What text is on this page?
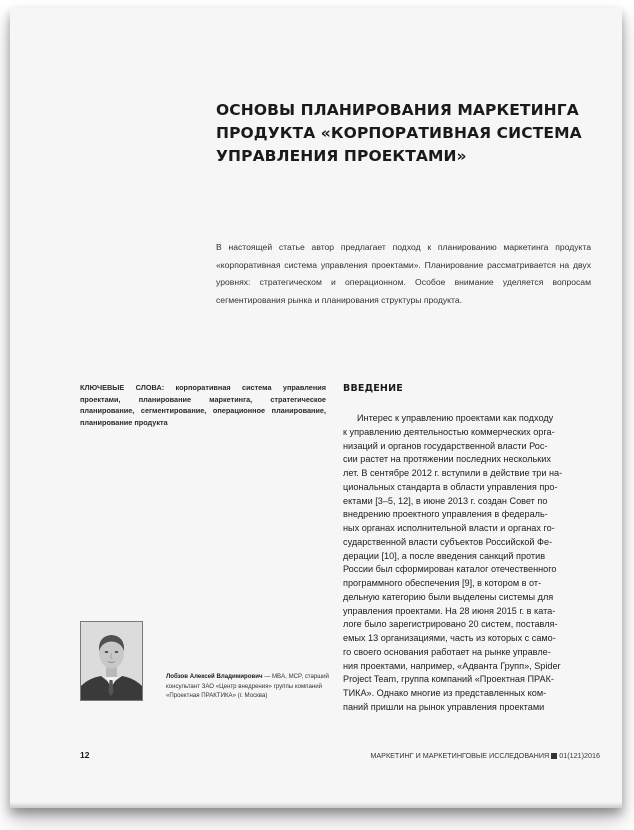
ОСНОВЫ ПЛАНИРОВАНИЯ МАРКЕТИНГА
ПРОДУКТА «КОРПОРАТИВНАЯ СИСТЕМА
УПРАВЛЕНИЯ ПРОЕКТАМИ»

В настоящей статье автор предлагает подход к планированию маркетинга продукта «корпоративная система управления проектами». Планирование рассматривается на двух уровнях: стратегическом и операционном. Особое внимание уделяется вопросам сегментирования рынка и планирования структуры продукта.

КЛЮЧЕВЫЕ СЛОВА: корпоративная система управления проектами, планирование маркетинга, стратегическое планирование, сегментирование, операционное планирование, планирование продукта

ВВЕДЕНИЕ
Интерес к управлению проектами как подходу
к управлению деятельностью коммерческих орга-
низаций и органов государственной власти Рос-
сии растет на протяжении последних нескольких
лет. В сентябре 2012 г. вступили в действие три на-
циональных стандарта в области управления про-
ектами [3–5, 12], в июне 2013 г. создан Совет по
внедрению проектного управления в федераль-
ных органах исполнительной власти и органах го-
сударственной власти субъектов Российской Фе-
дерации [10], а после введения санкций против
России был сформирован каталог отечественного
программного обеспечения [9], в котором в от-
дельную категорию были выделены системы для
управления проектами. На 28 июня 2015 г. в ката-
логе было зарегистрировано 20 систем, поставля-
емых 13 организациями, часть из которых с само-
го своего основания работает на рынке управле-
ния проектами, например, «Адванта Групп», Spider
Project Team, группа компаний «Проектная ПРАК-
ТИКА». Однако многие из представленных ком-
паний пришли на рынок управления проектами

Лобзов Алексей Владимирович — MBA, MCP, старший консультант ЗАО «Центр внедрения» группы компаний «Проектная ПРАКТИКА» (г. Москва)

12	МАРКЕТИНГ И МАРКЕТИНГОВЫЕ ИССЛЕДОВАНИЯ 01(121)2016
